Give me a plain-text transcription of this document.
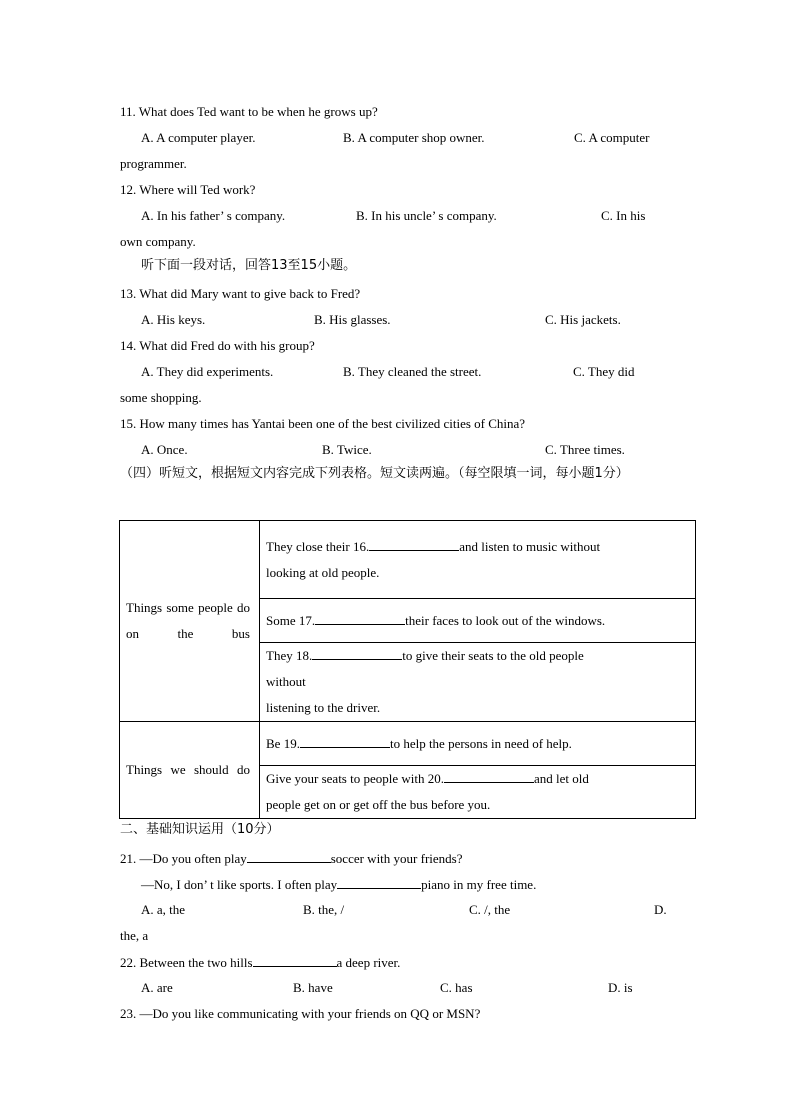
11. What does Ted want to be when he grows up?
A. A computer player.	B. A computer shop owner.	C. A computer
programmer.
12. Where will Ted work?
A. In his father’ s company.	B. In his uncle’ s company.	C. In his
own company.
听下面一段对话，回答13至15小题。
13. What did Mary want to give back to Fred?
A. His keys.	B. His glasses.	C. His jackets.
14. What did Fred do with his group?
A. They did experiments.	B. They cleaned the street.	C. They did
some shopping.
15. How many times has Yantai been one of the best civilized cities of China?
A. Once.	B. Twice.	C. Three times.
（四）听短文，根据短文内容完成下列表格。短文读两遍。（每空限填一词，每小题1分）
Things some people do on the bus	They close their 16. and listen to music without
looking at old people.
	Some 17. their faces to look out of the windows.
	They 18. to give their seats to the old people
without
listening to the driver.

Things we should do	Be 19. to help the persons in need of help.
	Give your seats to people with 20. and let old
people get on or get off the bus before you.
二、基础知识运用（10分）
21. —Do you often play	soccer with your friends?
—No, I don’ t like sports. I often play	piano in my free time.
A. a, the	B. the, /	C. /, the	D.
the, a
22. Between the two hills	a deep river.
A. are	B. have	C. has	D. is
23. —Do you like communicating with your friends on QQ or MSN?
